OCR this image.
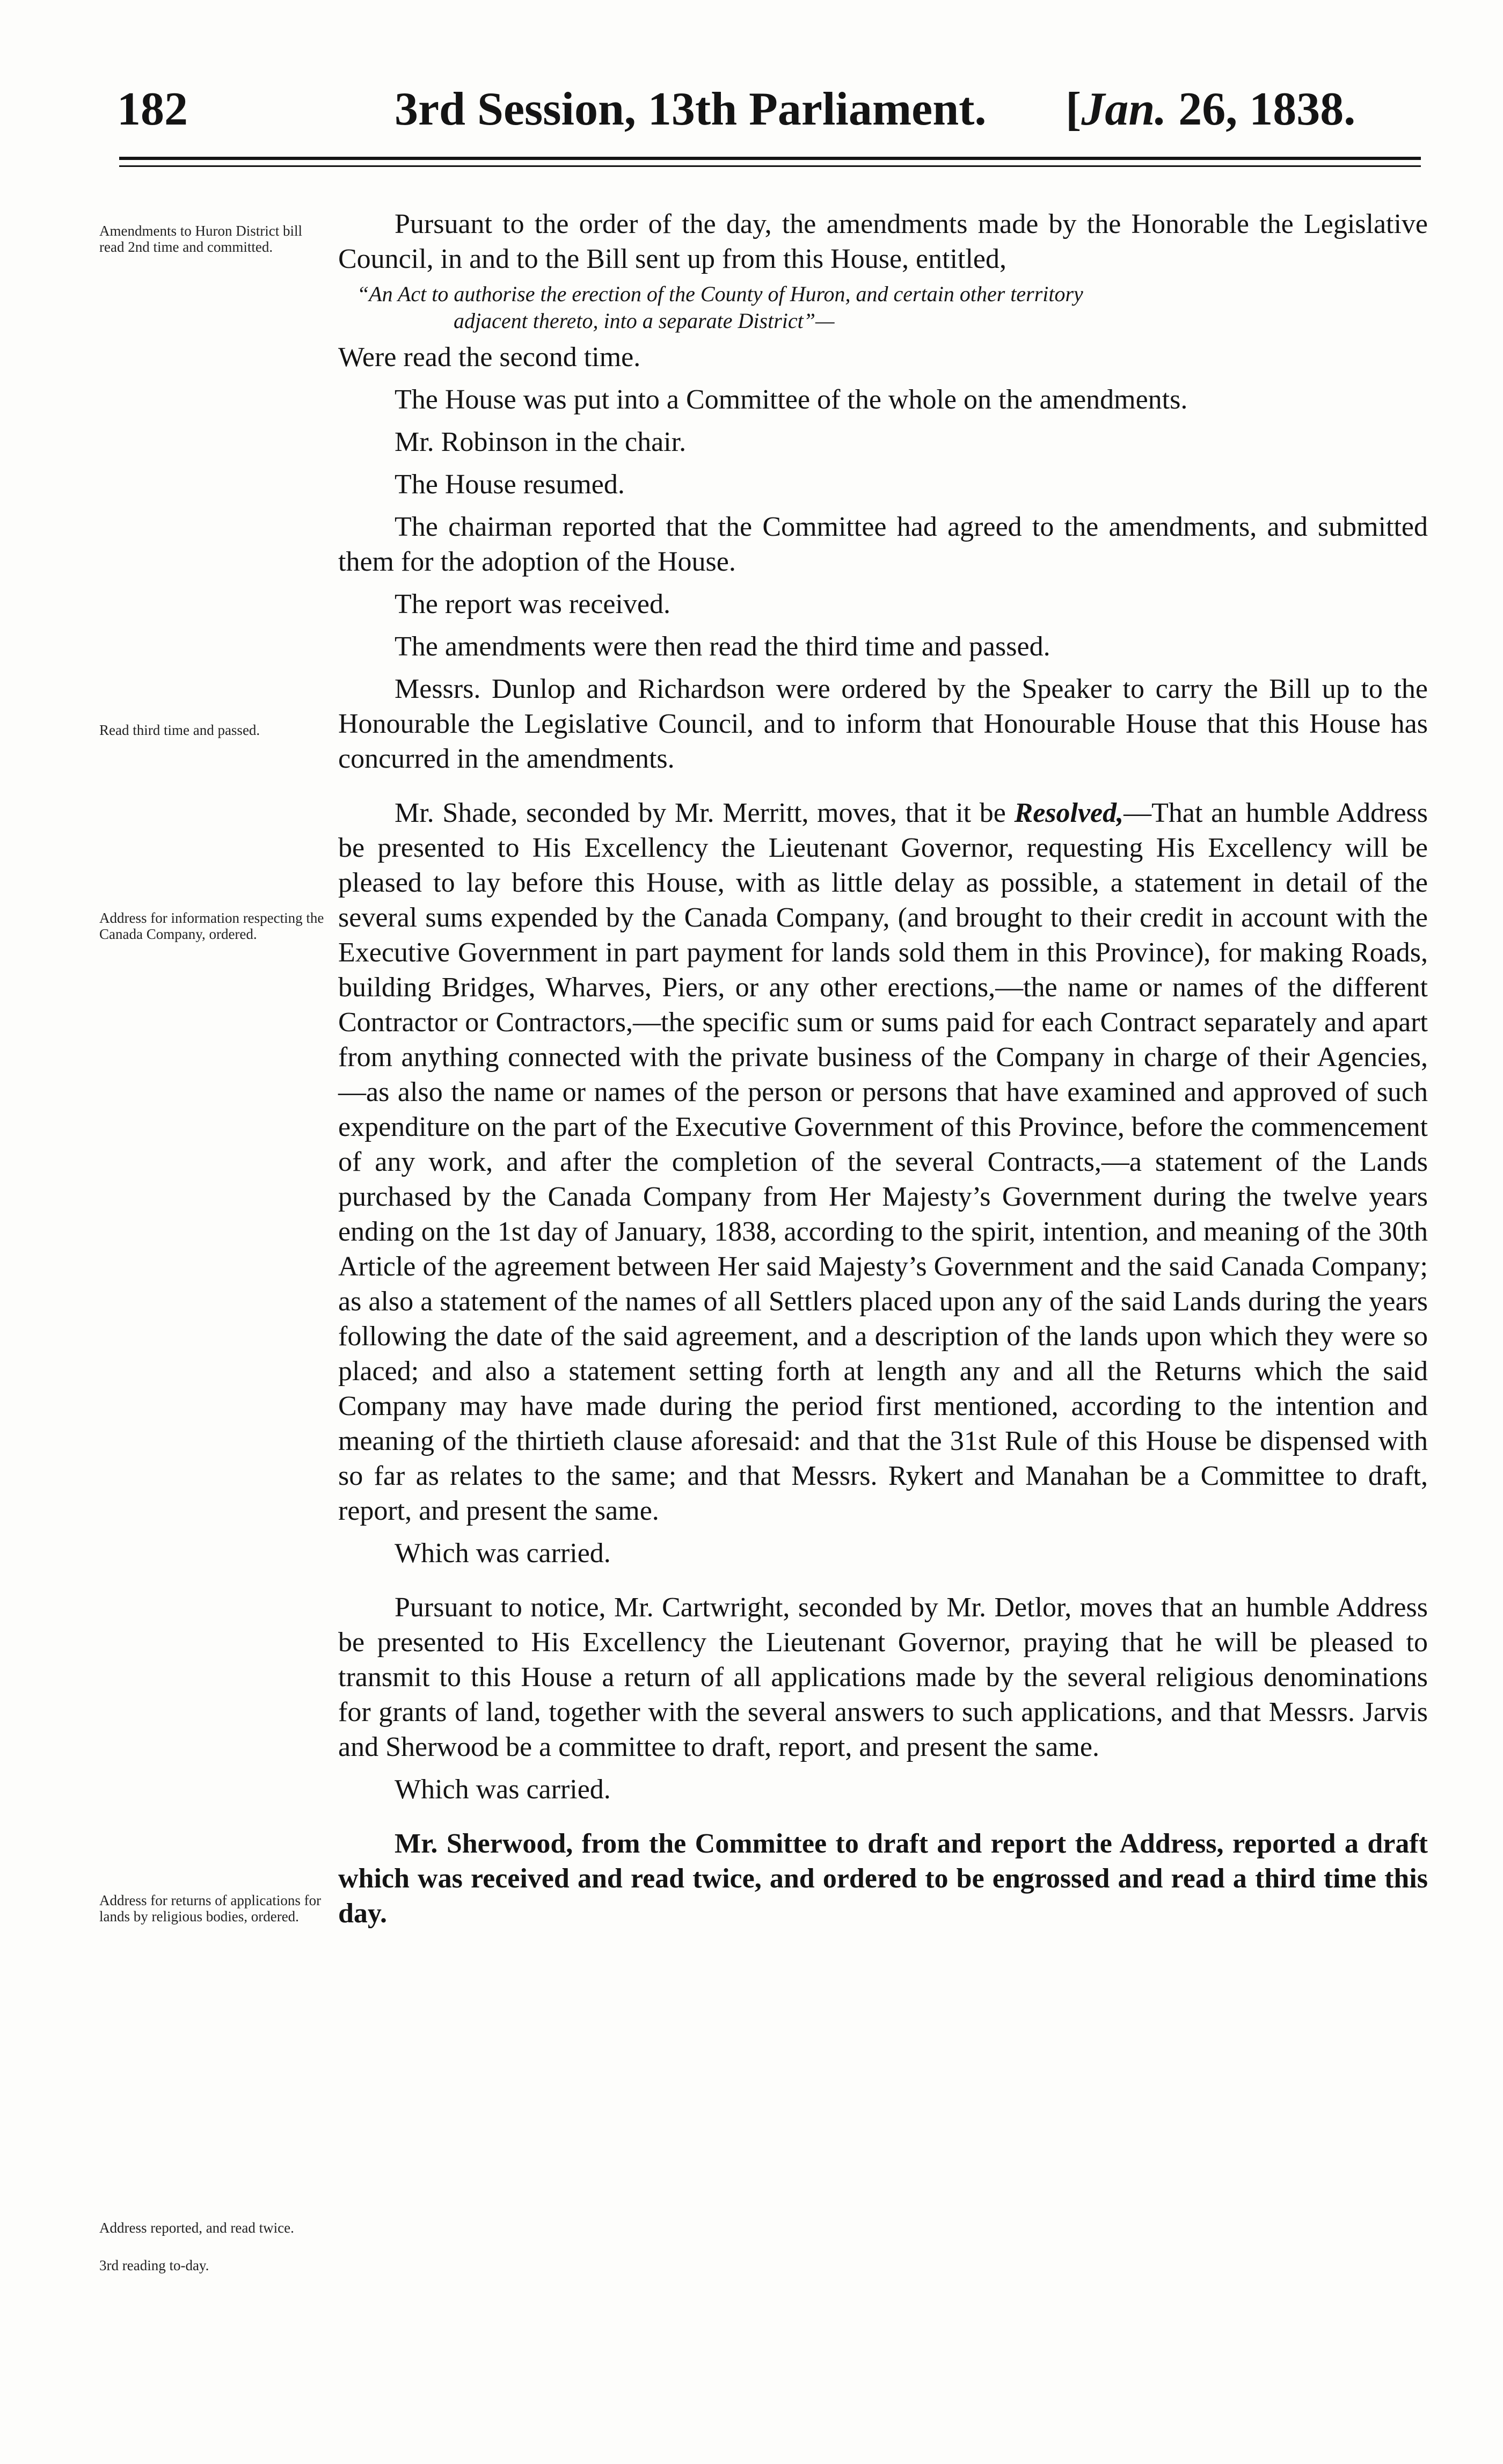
182	3rd Session, 13th Parliament. [Jan. 26, 1838.
Amendments to Huron District bill read 2nd time and committed.
Read third time and passed.
Address for information respecting the Canada Company, ordered.
Address for returns of applications for lands by religious bodies, ordered.
Address reported, and read twice.
3rd reading to-day.

Pursuant to the order of the day, the amendments made by the Honorable the Legislative Council, in and to the Bill sent up from this House, entitled,

“An Act to authorise the erection of the County of Huron, and certain other territory
adjacent thereto, into a separate District”—

Were read the second time.

The House was put into a Committee of the whole on the amendments.

Mr. Robinson in the chair.

The House resumed.

The chairman reported that the Committee had agreed to the amendments, and submitted them for the adoption of the House.

The report was received.

The amendments were then read the third time and passed.

Messrs. Dunlop and Richardson were ordered by the Speaker to carry the Bill up to the Honourable the Legislative Council, and to inform that Honourable House that this House has concurred in the amendments.

Mr. Shade, seconded by Mr. Merritt, moves, that it be Resolved,—That an humble Address be presented to His Excellency the Lieutenant Governor, requesting His Excellency will be pleased to lay before this House, with as little delay as possible, a statement in detail of the several sums expended by the Canada Company, (and brought to their credit in account with the Executive Government in part payment for lands sold them in this Province), for making Roads, building Bridges, Wharves, Piers, or any other erections,—the name or names of the different Contractor or Contractors,—the specific sum or sums paid for each Contract separately and apart from anything connected with the private business of the Company in charge of their Agencies,—as also the name or names of the person or persons that have examined and approved of such expenditure on the part of the Executive Government of this Province, before the commencement of any work, and after the completion of the several Contracts,—a statement of the Lands purchased by the Canada Company from Her Majesty’s Government during the twelve years ending on the 1st day of January, 1838, according to the spirit, intention, and meaning of the 30th Article of the agreement between Her said Majesty’s Government and the said Canada Company; as also a statement of the names of all Settlers placed upon any of the said Lands during the years following the date of the said agreement, and a description of the lands upon which they were so placed; and also a statement setting forth at length any and all the Returns which the said Company may have made during the period first mentioned, according to the intention and meaning of the thirtieth clause aforesaid: and that the 31st Rule of this House be dispensed with so far as relates to the same; and that Messrs. Rykert and Manahan be a Committee to draft, report, and present the same.

Which was carried.

Pursuant to notice, Mr. Cartwright, seconded by Mr. Detlor, moves that an humble Address be presented to His Excellency the Lieutenant Governor, praying that he will be pleased to transmit to this House a return of all applications made by the several religious denominations for grants of land, together with the several answers to such applications, and that Messrs. Jarvis and Sherwood be a committee to draft, report, and present the same.

Which was carried.

Mr. Sherwood, from the Committee to draft and report the Address, reported a draft which was received and read twice, and ordered to be engrossed and read a third time this day.
